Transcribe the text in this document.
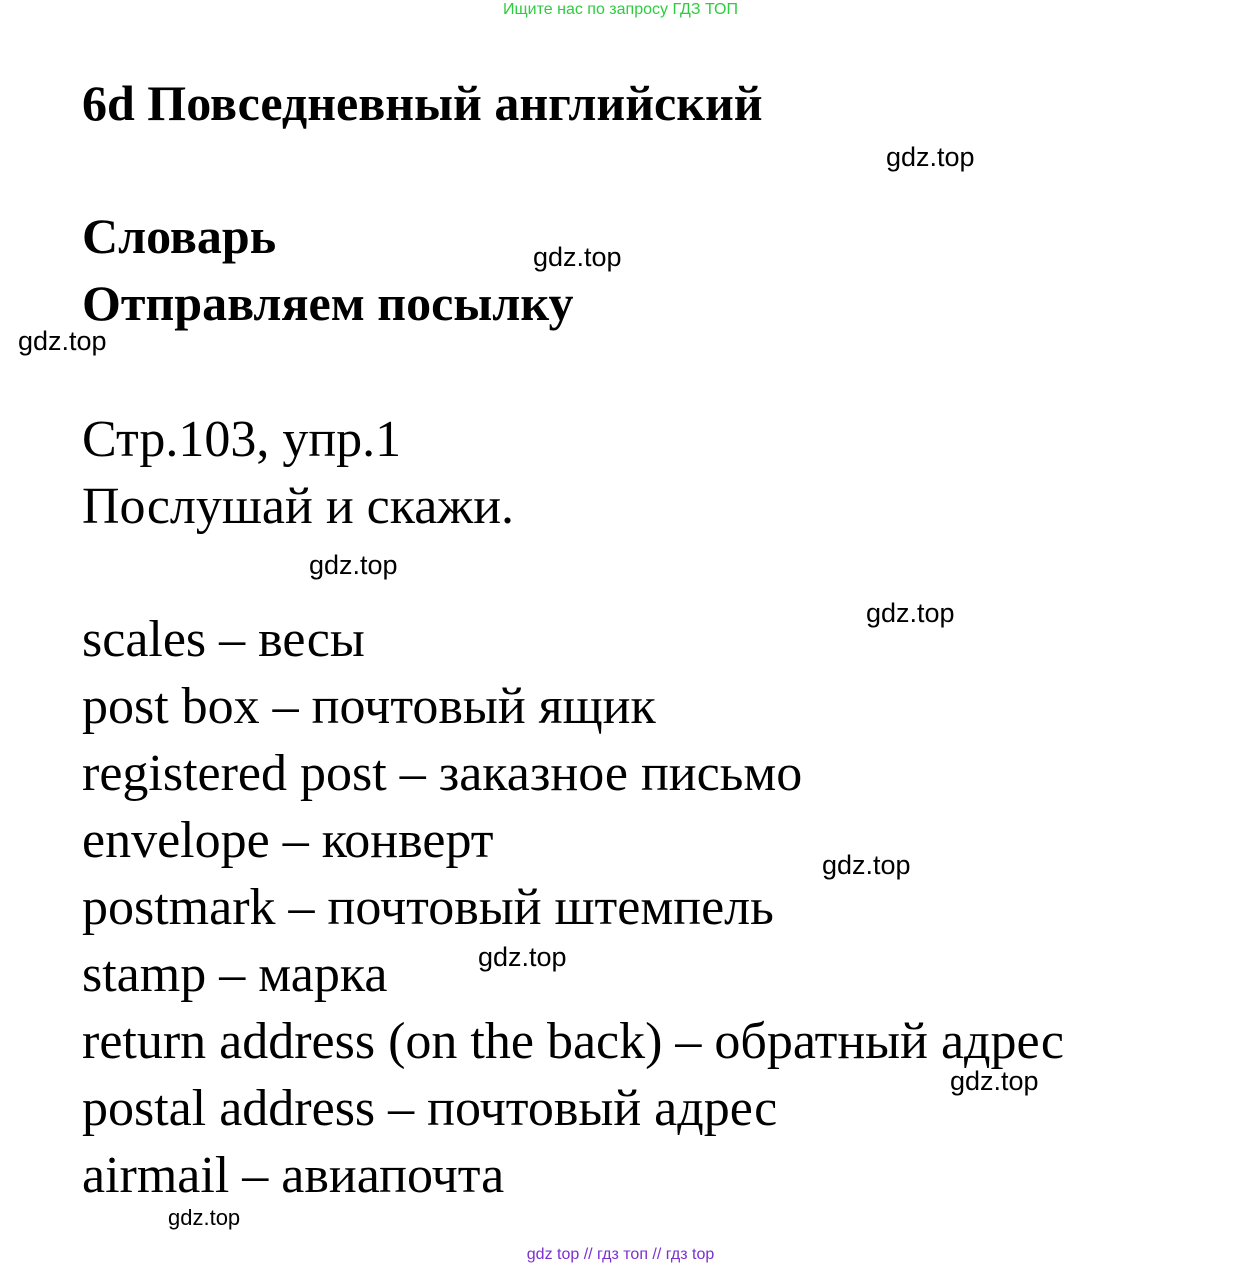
Ищите нас по запросу ГДЗ ТОП
6d Повседневный английский
Словарь
Отправляем посылку
Стр.103, упр.1
Послушай и скажи.
scales – весы
post box – почтовый ящик
registered post – заказное письмо
envelope – конверт
postmark – почтовый штемпель
stamp – марка
return address (on the back) – обратный адрес
postal address – почтовый адрес
airmail – авиапочта
gdz.top
gdz.top
gdz.top
gdz.top
gdz.top
gdz.top
gdz.top
gdz.top
gdz.top
gdz top // гдз топ // гдз top
